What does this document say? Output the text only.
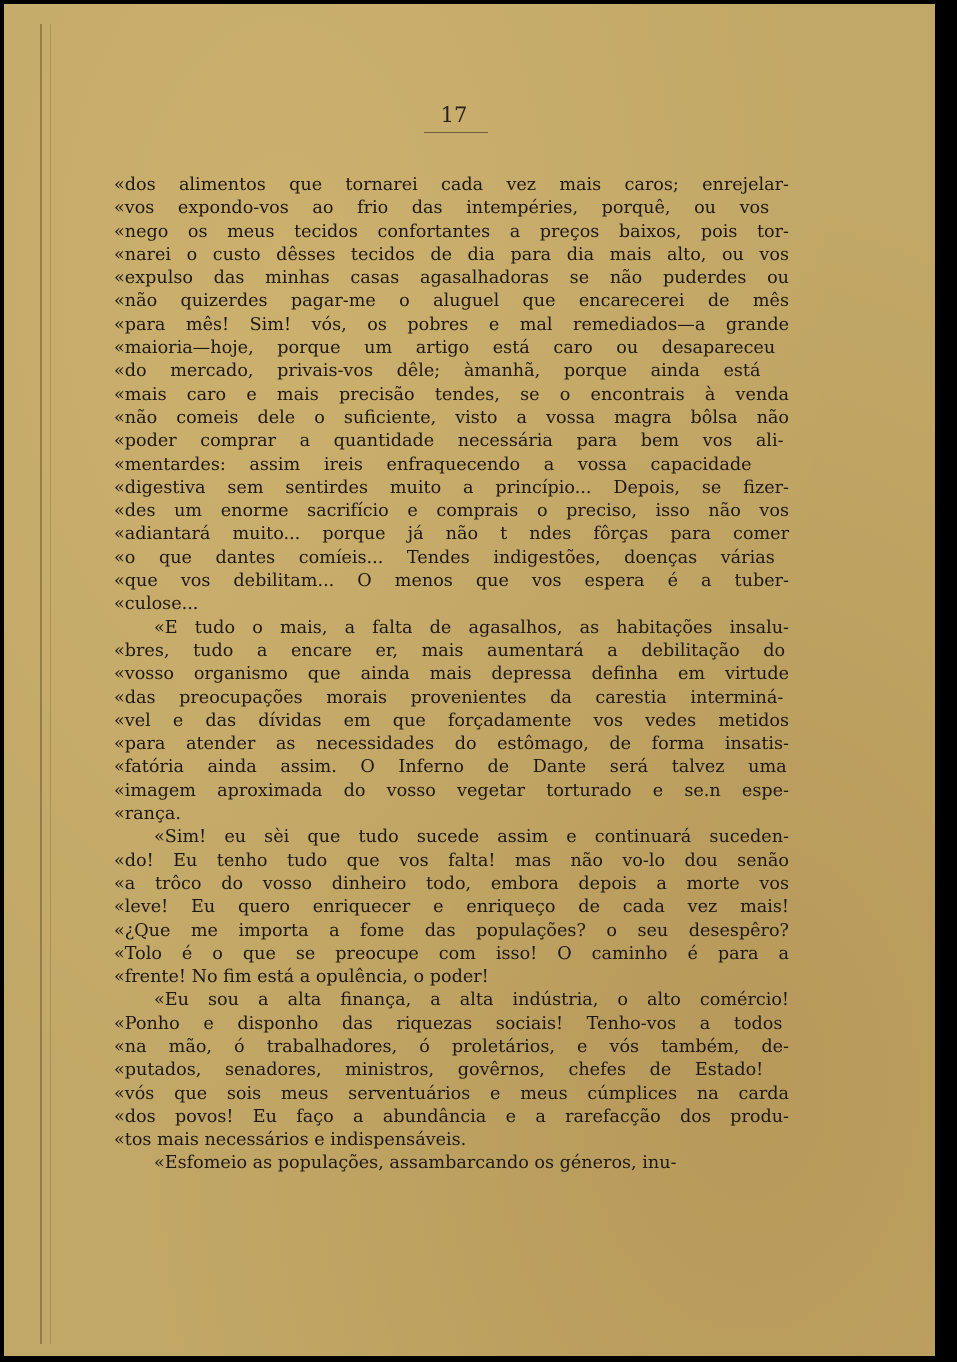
17
«dos alimentos que tornarei cada vez mais caros; enrejelar-
«vos expondo-vos ao frio das intempéries, porquê, ou vos
«nego os meus tecidos confortantes a preços baixos, pois tor-
«narei o custo dêsses tecidos de dia para dia mais alto, ou vos
«expulso das minhas casas agasalhadoras se não puderdes ou
«não quizerdes pagar-me o aluguel que encarecerei de mês
«para mês! Sim! vós, os pobres e mal remediados—a grande
«maioria—hoje, porque um artigo está caro ou desapareceu
«do mercado, privais-vos dêle; àmanhã, porque ainda está
«mais caro e mais precisão tendes, se o encontrais à venda
«não comeis dele o suficiente, visto a vossa magra bôlsa não
«poder comprar a quantidade necessária para bem vos ali-
«mentardes: assim ireis enfraquecendo a vossa capacidade
«digestiva sem sentirdes muito a princípio... Depois, se fizer-
«des um enorme sacrifício e comprais o preciso, isso não vos
«adiantará muito... porque já não t ndes fôrças para comer
«o que dantes comíeis... Tendes indigestões, doenças várias
«que vos debilitam... O menos que vos espera é a tuber-
«culose...
«E tudo o mais, a falta de agasalhos, as habitações insalu-
«bres, tudo a encare er, mais aumentará a debilitação do
«vosso organismo que ainda mais depressa definha em virtude
«das preocupações morais provenientes da carestia interminá-
«vel e das dívidas em que forçadamente vos vedes metidos
«para atender as necessidades do estômago, de forma insatis-
«fatória ainda assim. O Inferno de Dante será talvez uma
«imagem aproximada do vosso vegetar torturado e se.n espe-
«rança.
«Sim! eu sèi que tudo sucede assim e continuará suceden-
«do! Eu tenho tudo que vos falta! mas não vo-lo dou senão
«a trôco do vosso dinheiro todo, embora depois a morte vos
«leve! Eu quero enriquecer e enriqueço de cada vez mais!
«¿Que me importa a fome das populações? o seu desespêro?
«Tolo é o que se preocupe com isso! O caminho é para a
«frente! No fim está a opulência, o poder!
«Eu sou a alta finança, a alta indústria, o alto comércio!
«Ponho e disponho das riquezas sociais! Tenho-vos a todos
«na mão, ó trabalhadores, ó proletários, e vós também, de-
«putados, senadores, ministros, govêrnos, chefes de Estado!
«vós que sois meus serventuários e meus cúmplices na carda
«dos povos! Eu faço a abundância e a rarefacção dos produ-
«tos mais necessários e indispensáveis.
«Esfomeio as populações, assambarcando os géneros, inu-
